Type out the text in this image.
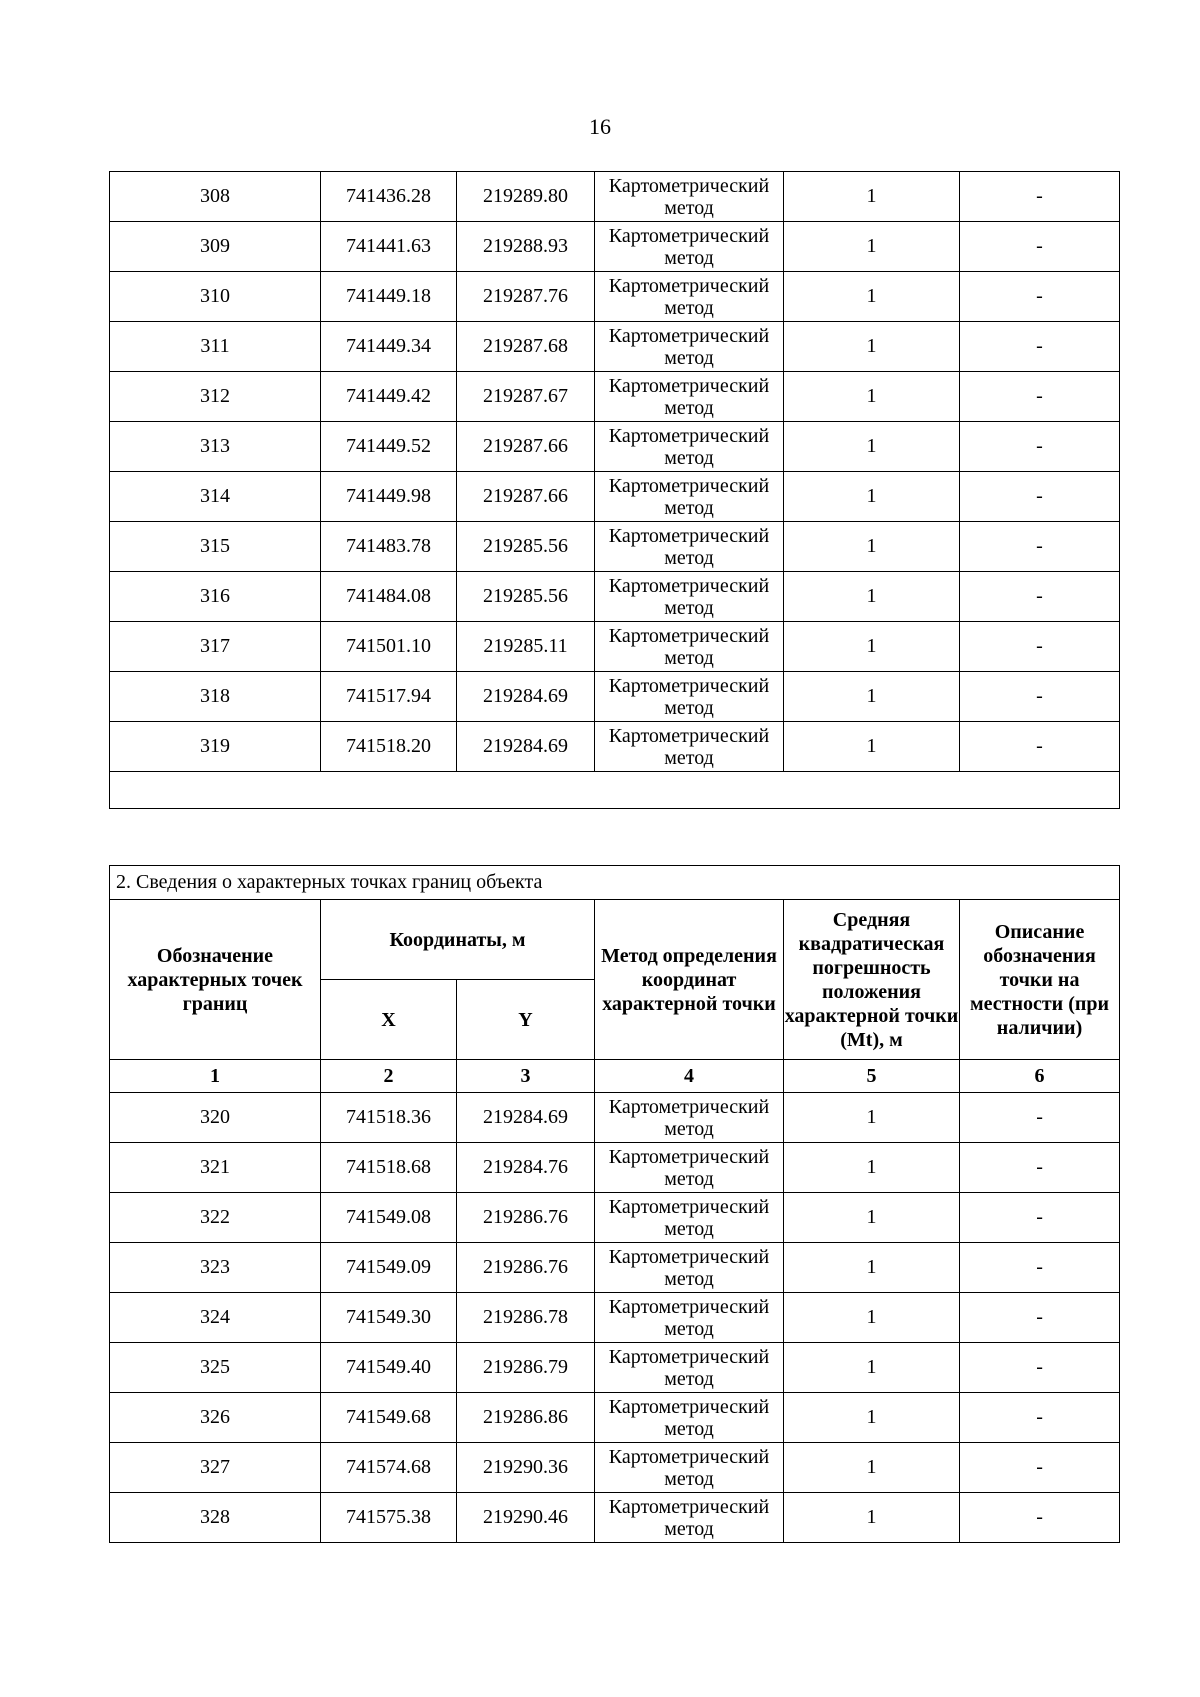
16
308	741436.28	219289.80	Картометрический метод	1	-
309	741441.63	219288.93	Картометрический метод	1	-
310	741449.18	219287.76	Картометрический метод	1	-
311	741449.34	219287.68	Картометрический метод	1	-
312	741449.42	219287.67	Картометрический метод	1	-
313	741449.52	219287.66	Картометрический метод	1	-
314	741449.98	219287.66	Картометрический метод	1	-
315	741483.78	219285.56	Картометрический метод	1	-
316	741484.08	219285.56	Картометрический метод	1	-
317	741501.10	219285.11	Картометрический метод	1	-
318	741517.94	219284.69	Картометрический метод	1	-
319	741518.20	219284.69	Картометрический метод	1	-

2. Сведения о характерных точках границ объекта					
Обозначение характерных точек границ	Координаты, м		Метод определения координат характерной точки	Средняя квадратическая погрешность положения характерной точки (Mt), м	Описание обозначения точки на местности (при наличии)
	X	Y			
1	2	3	4	5	6
320	741518.36	219284.69	Картометрический метод	1	-
321	741518.68	219284.76	Картометрический метод	1	-
322	741549.08	219286.76	Картометрический метод	1	-
323	741549.09	219286.76	Картометрический метод	1	-
324	741549.30	219286.78	Картометрический метод	1	-
325	741549.40	219286.79	Картометрический метод	1	-
326	741549.68	219286.86	Картометрический метод	1	-
327	741574.68	219290.36	Картометрический метод	1	-
328	741575.38	219290.46	Картометрический метод	1	-
